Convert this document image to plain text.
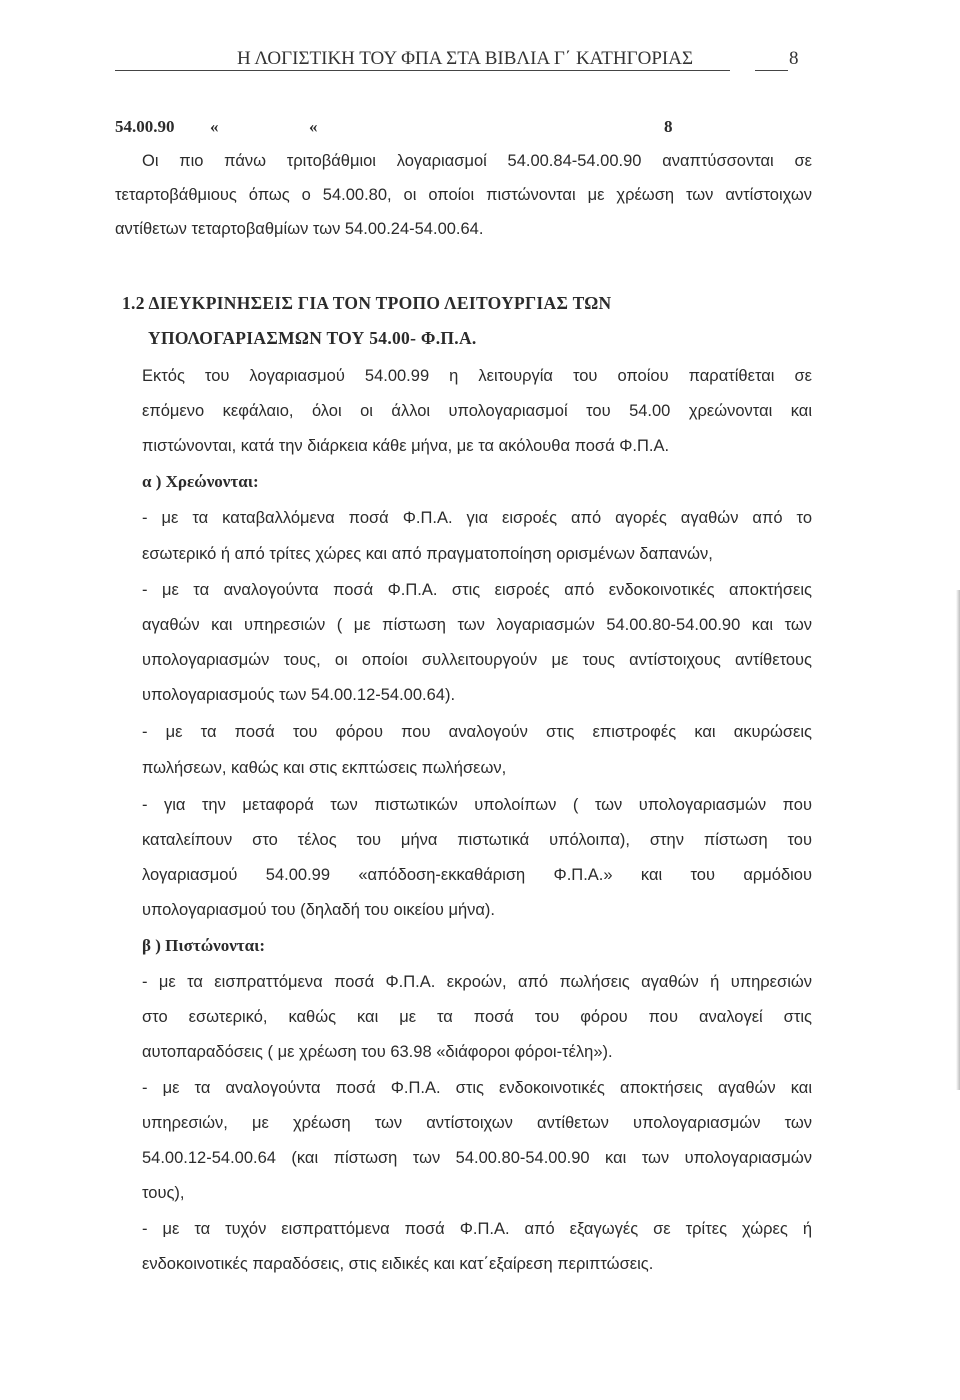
Η ΛΟΓΙΣΤΙΚΗ ΤΟΥ ΦΠΑ ΣΤΑ ΒΙΒΛΙΑ Γ΄ ΚΑΤΗΓΟΡΙΑΣ	8
54.00.90 «	«	8
Οι πιο πάνω τριτοβάθμιοι λογαριασμοί 54.00.84-54.00.90 αναπτύσσονται σε
τεταρτοβάθμιους όπως ο 54.00.80, οι οποίοι πιστώνονται με χρέωση των αντίστοιχων
αντίθετων τεταρτοβαθμίων των 54.00.24-54.00.64.
1.2 ΔΙΕΥΚΡΙΝΗΣΕΙΣ ΓΙΑ ΤΟΝ ΤΡΟΠΟ ΛΕΙΤΟΥΡΓΙΑΣ ΤΩΝ
ΥΠΟΛΟΓΑΡΙΑΣΜΩΝ ΤΟΥ 54.00- Φ.Π.Α.
Εκτός του λογαριασμού 54.00.99 η λειτουργία του οποίου παρατίθεται σε
επόμενο κεφάλαιο, όλοι οι άλλοι υπολογαριασμοί του 54.00 χρεώνονται και
πιστώνονται, κατά την διάρκεια κάθε μήνα, με τα ακόλουθα ποσά Φ.Π.Α.
α ) Χρεώνονται:
- με τα καταβαλλόμενα ποσά Φ.Π.Α. για εισροές από αγορές αγαθών από το
εσωτερικό ή από τρίτες χώρες και από πραγματοποίηση ορισμένων δαπανών,
- με τα αναλογούντα ποσά Φ.Π.Α. στις εισροές από ενδοκοινοτικές αποκτήσεις
αγαθών και υπηρεσιών ( με πίστωση των λογαριασμών 54.00.80-54.00.90 και των
υπολογαριασμών τους, οι οποίοι συλλειτουργούν με τους αντίστοιχους αντίθετους
υπολογαριασμούς των 54.00.12-54.00.64).
- με τα ποσά του φόρου που αναλογούν στις επιστροφές και ακυρώσεις
πωλήσεων, καθώς και στις εκπτώσεις πωλήσεων,
- για την μεταφορά των πιστωτικών υπολοίπων ( των υπολογαριασμών που
καταλείπουν στο τέλος του μήνα πιστωτικά υπόλοιπα), στην πίστωση του
λογαριασμού 54.00.99 «απόδοση-εκκαθάριση Φ.Π.Α.» και του αρμόδιου
υπολογαριασμού του (δηλαδή του οικείου μήνα).
β ) Πιστώνονται:
- με τα εισπραττόμενα ποσά Φ.Π.Α. εκροών, από πωλήσεις αγαθών ή υπηρεσιών
στο εσωτερικό, καθώς και με τα ποσά του φόρου που αναλογεί στις
αυτοπαραδόσεις ( με χρέωση του 63.98 «διάφοροι φόροι-τέλη»).
- με τα αναλογούντα ποσά Φ.Π.Α. στις ενδοκοινοτικές αποκτήσεις αγαθών και
υπηρεσιών, με χρέωση των αντίστοιχων αντίθετων υπολογαριασμών των
54.00.12-54.00.64 (και πίστωση των 54.00.80-54.00.90 και των υπολογαριασμών
τους),
- με τα τυχόν εισπραττόμενα ποσά Φ.Π.Α. από εξαγωγές σε τρίτες χώρες ή
ενδοκοινοτικές παραδόσεις, στις ειδικές και κατ΄εξαίρεση περιπτώσεις.
